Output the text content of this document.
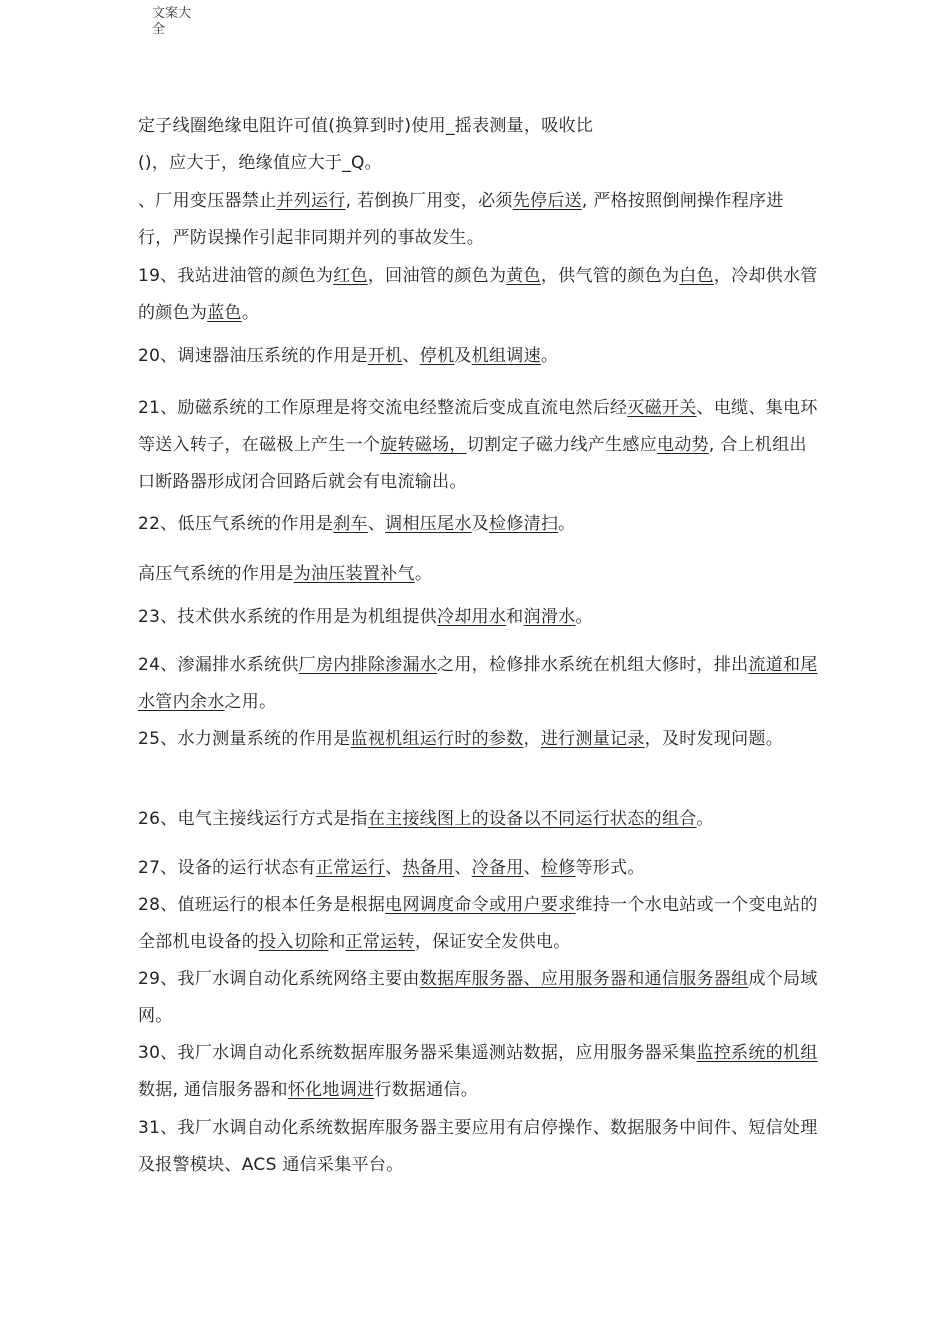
文案大
全
定子线圈绝缘电阻许可值(换算到时)使用_摇表测量，吸收比
()，应大于，绝缘值应大于_Q。
、厂用变压器禁止并列运行, 若倒换厂用变，必须先停后送, 严格按照倒闸操作程序进行，严防误操作引起非同期并列的事故发生。
19、我站进油管的颜色为红色，回油管的颜色为黄色，供气管的颜色为白色，冷却供水管的颜色为蓝色。
20、调速器油压系统的作用是开机、停机及机组调速。
21、励磁系统的工作原理是将交流电经整流后变成直流电然后经灭磁开关、电缆、集电环等送入转子，在磁极上产生一个旋转磁场，切割定子磁力线产生感应电动势, 合上机组出口断路器形成闭合回路后就会有电流输出。
22、低压气系统的作用是刹车、调相压尾水及检修清扫。
高压气系统的作用是为油压装置补气。
23、技术供水系统的作用是为机组提供冷却用水和润滑水。
24、渗漏排水系统供厂房内排除渗漏水之用，检修排水系统在机组大修时，排出流道和尾水管内余水之用。
25、水力测量系统的作用是监视机组运行时的参数，进行测量记录，及时发现问题。
26、电气主接线运行方式是指在主接线图上的设备以不同运行状态的组合。
27、设备的运行状态有正常运行、热备用、冷备用、检修等形式。
28、值班运行的根本任务是根据电网调度命令或用户要求维持一个水电站或一个变电站的全部机电设备的投入切除和正常运转，保证安全发供电。
29、我厂水调自动化系统网络主要由数据库服务器、应用服务器和通信服务器组成个局域网。
30、我厂水调自动化系统数据库服务器采集遥测站数据，应用服务器采集监控系统的机组数据, 通信服务器和怀化地调进行数据通信。
31、我厂水调自动化系统数据库服务器主要应用有启停操作、数据服务中间件、短信处理及报警模块、ACS 通信采集平台。
